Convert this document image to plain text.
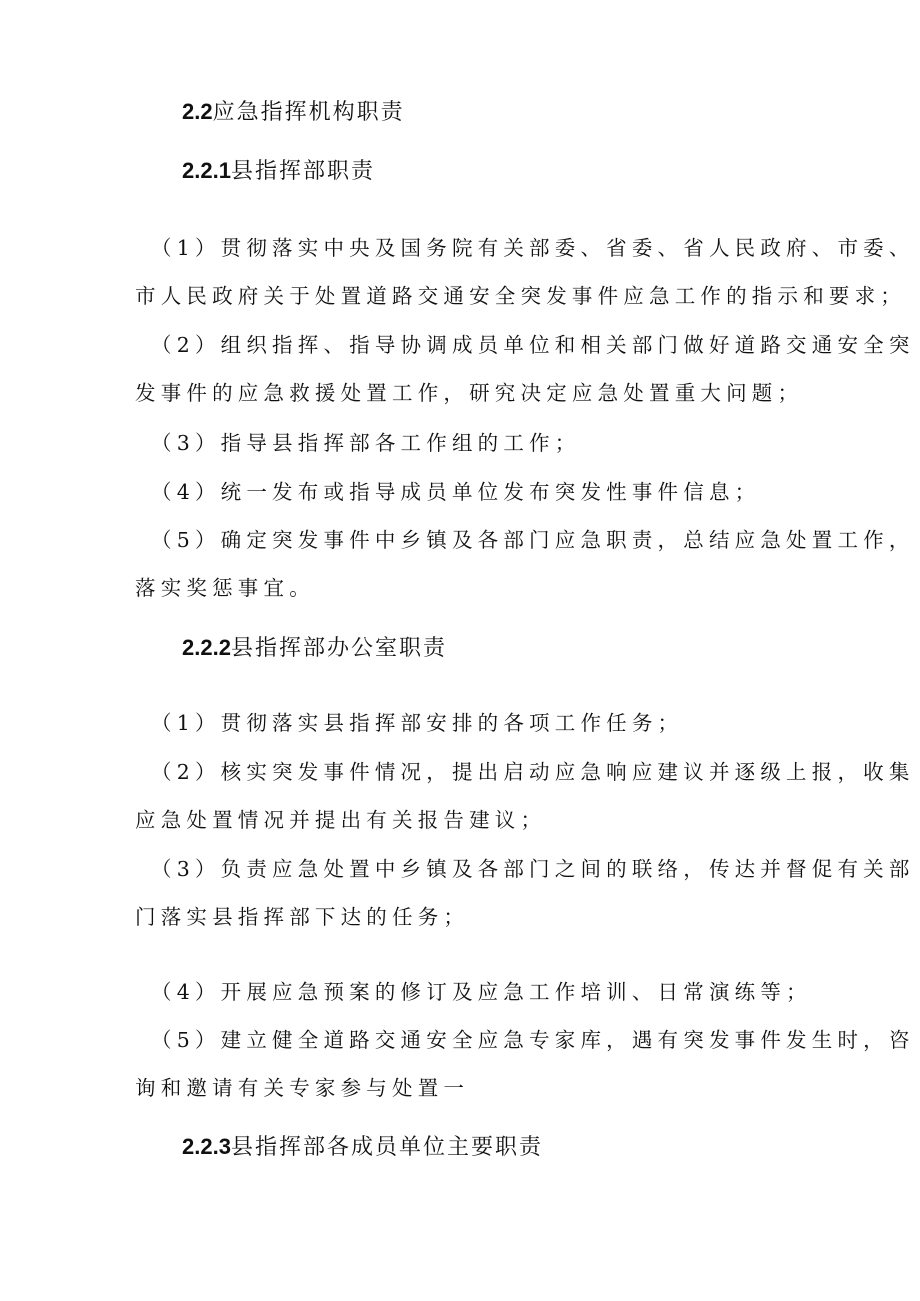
2.2应急指挥机构职责
2.2.1县指挥部职责
（1）贯彻落实中央及国务院有关部委、省委、省人民政府、市委、
市人民政府关于处置道路交通安全突发事件应急工作的指示和要求；
（2）组织指挥、指导协调成员单位和相关部门做好道路交通安全突
发事件的应急救援处置工作，研究决定应急处置重大问题；
（3）指导县指挥部各工作组的工作；
（4）统一发布或指导成员单位发布突发性事件信息；
（5）确定突发事件中乡镇及各部门应急职责，总结应急处置工作，
落实奖惩事宜。
2.2.2县指挥部办公室职责
（1）贯彻落实县指挥部安排的各项工作任务；
（2）核实突发事件情况，提出启动应急响应建议并逐级上报，收集
应急处置情况并提出有关报告建议；
（3）负责应急处置中乡镇及各部门之间的联络，传达并督促有关部
门落实县指挥部下达的任务；
（4）开展应急预案的修订及应急工作培训、日常演练等；
（5）建立健全道路交通安全应急专家库，遇有突发事件发生时，咨
询和邀请有关专家参与处置一
2.2.3县指挥部各成员单位主要职责
